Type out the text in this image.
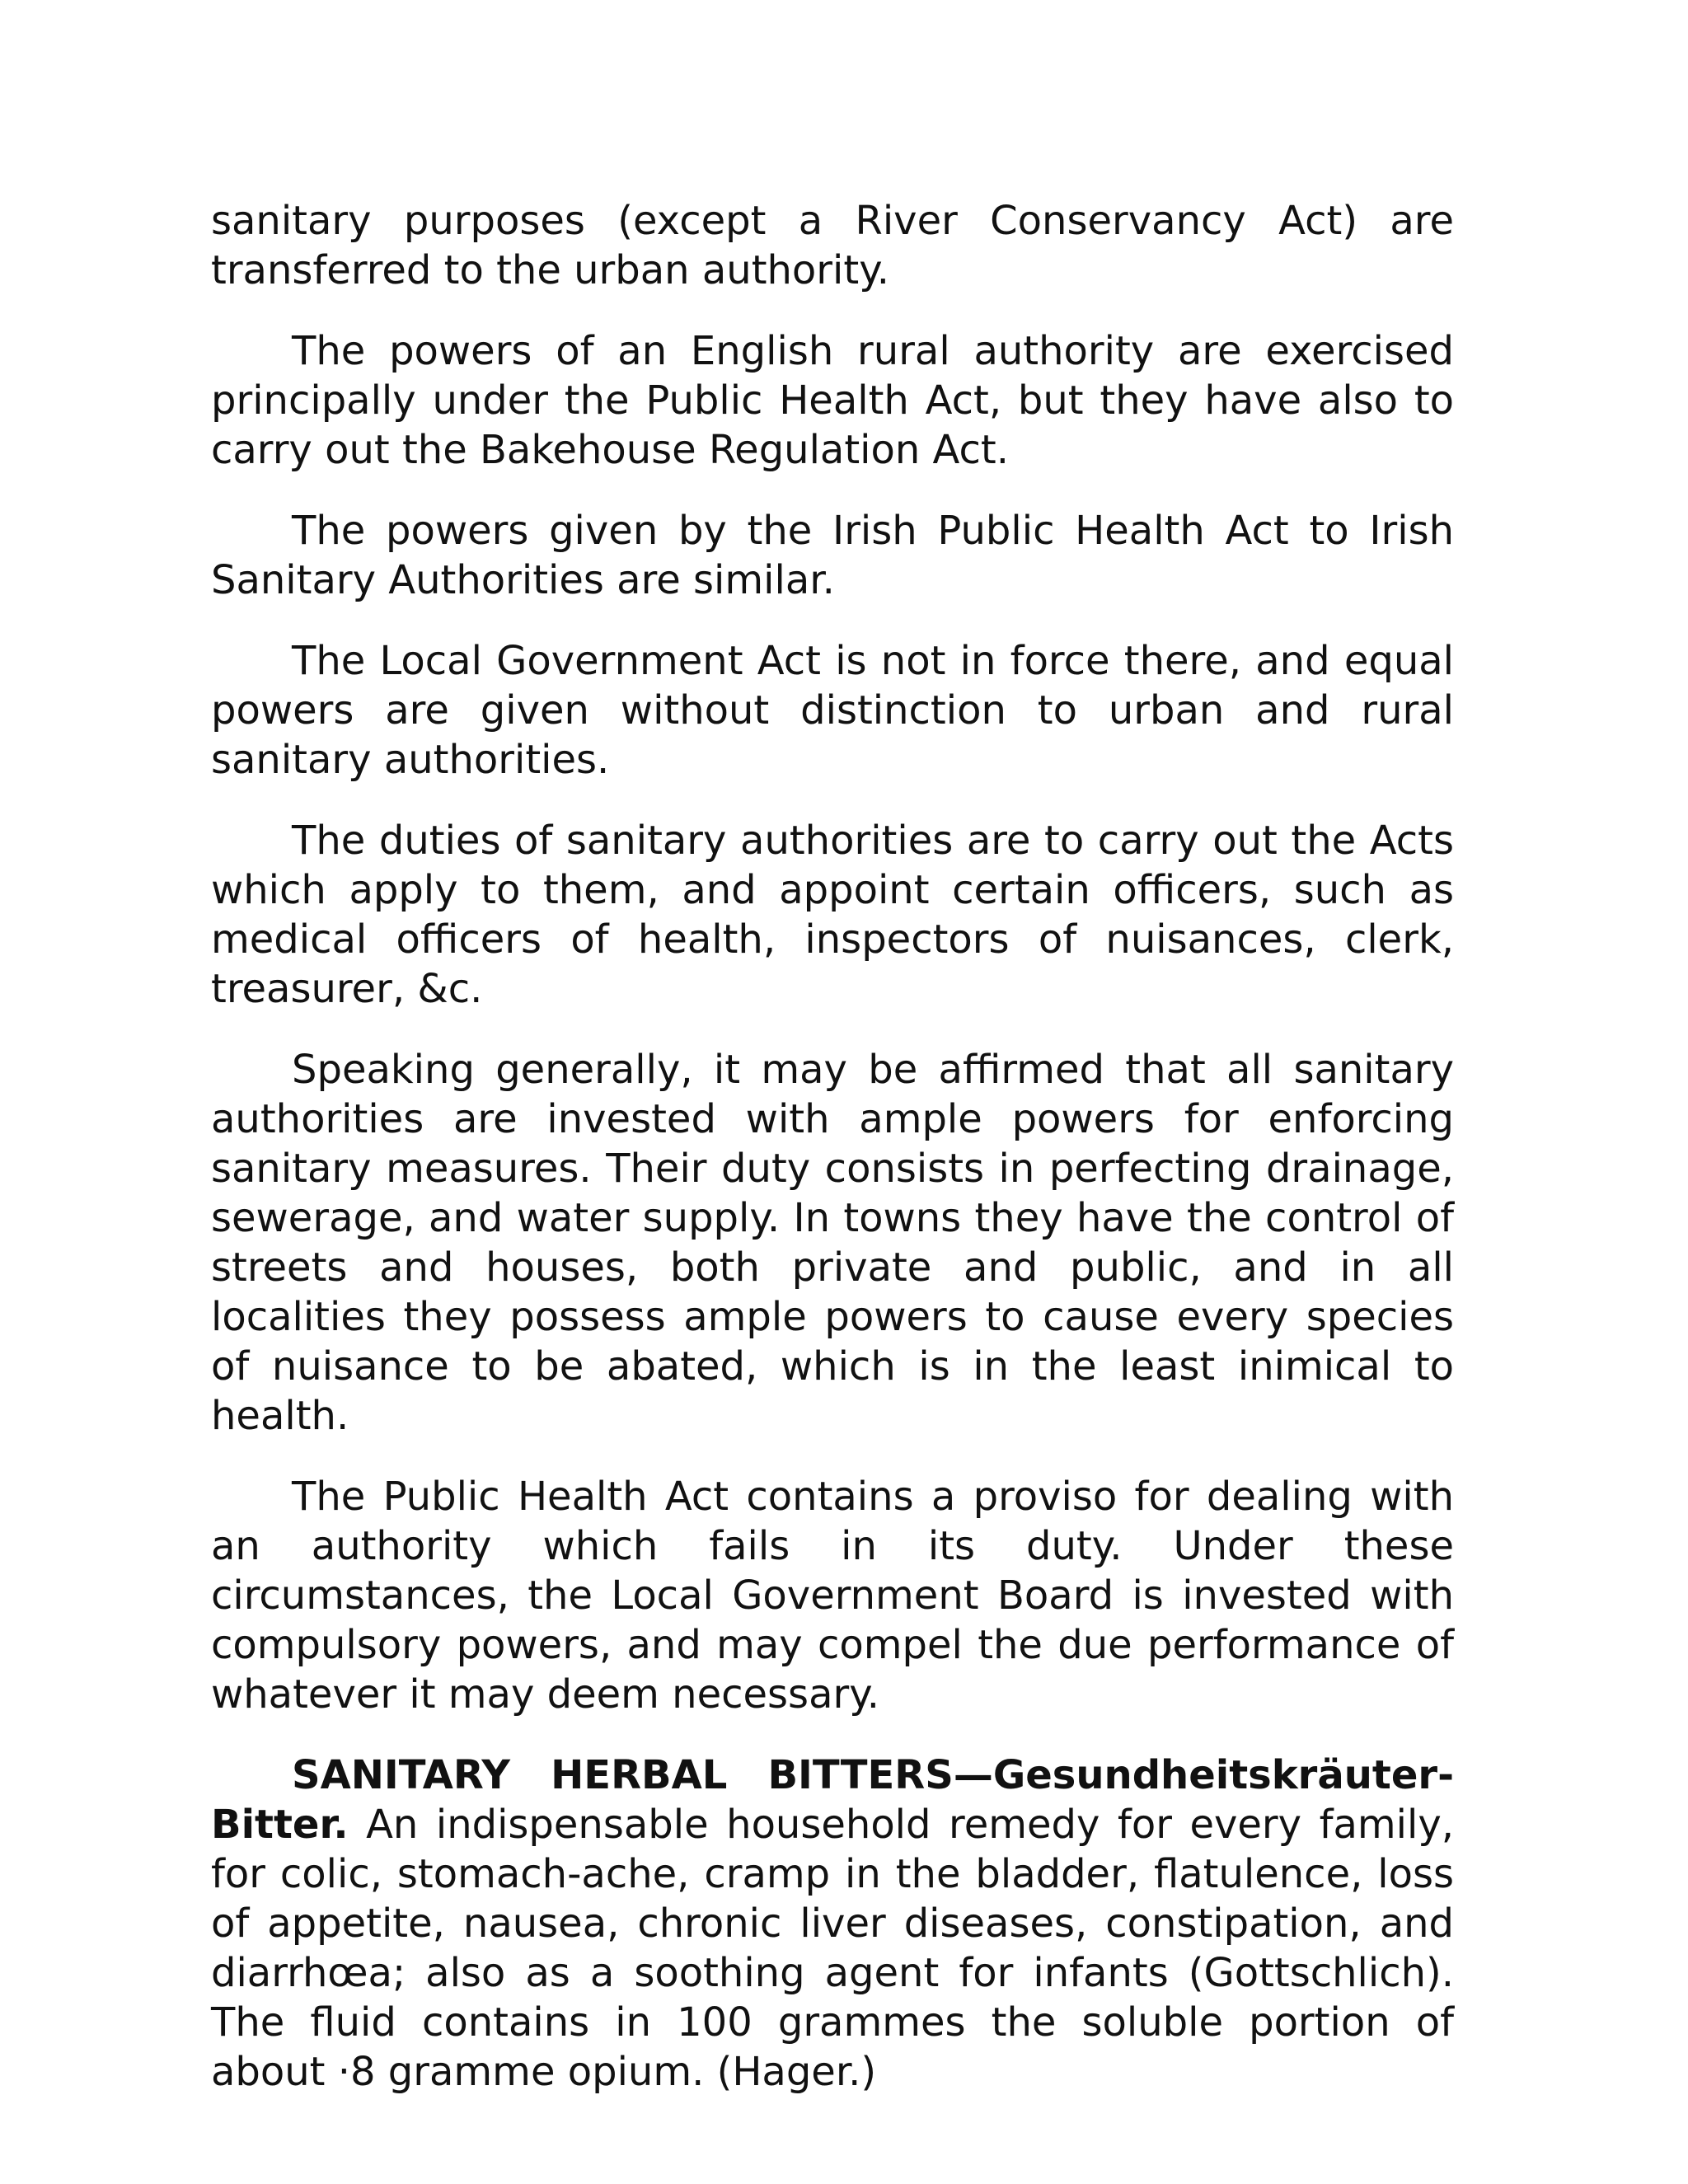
sanitary purposes (except a River Conservancy Act) are transferred to the urban authority.

The powers of an English rural authority are exercised principally under the Public Health Act, but they have also to carry out the Bakehouse Regulation Act.

The powers given by the Irish Public Health Act to Irish Sanitary Authorities are similar.

The Local Government Act is not in force there, and equal powers are given without distinction to urban and rural sanitary authorities.

The duties of sanitary authorities are to carry out the Acts which apply to them, and appoint certain officers, such as medical officers of health, inspectors of nuisances, clerk, treasurer, &c.

Speaking generally, it may be affirmed that all sanitary authorities are invested with ample powers for enforcing sanitary measures. Their duty consists in perfecting drainage, sewerage, and water supply. In towns they have the control of streets and houses, both private and public, and in all localities they possess ample powers to cause every species of nuisance to be abated, which is in the least inimical to health.

The Public Health Act contains a proviso for dealing with an authority which fails in its duty. Under these circumstances, the Local Government Board is invested with compulsory powers, and may compel the due performance of whatever it may deem necessary.

SANITARY HERBAL BITTERS—Gesundheitskräuter-Bitter. An indispensable household remedy for every family, for colic, stomach-ache, cramp in the bladder, flatulence, loss of appetite, nausea, chronic liver diseases, constipation, and diarrhœa; also as a soothing agent for infants (Gottschlich). The fluid contains in 100 grammes the soluble portion of about ·8 gramme opium. (Hager.)
